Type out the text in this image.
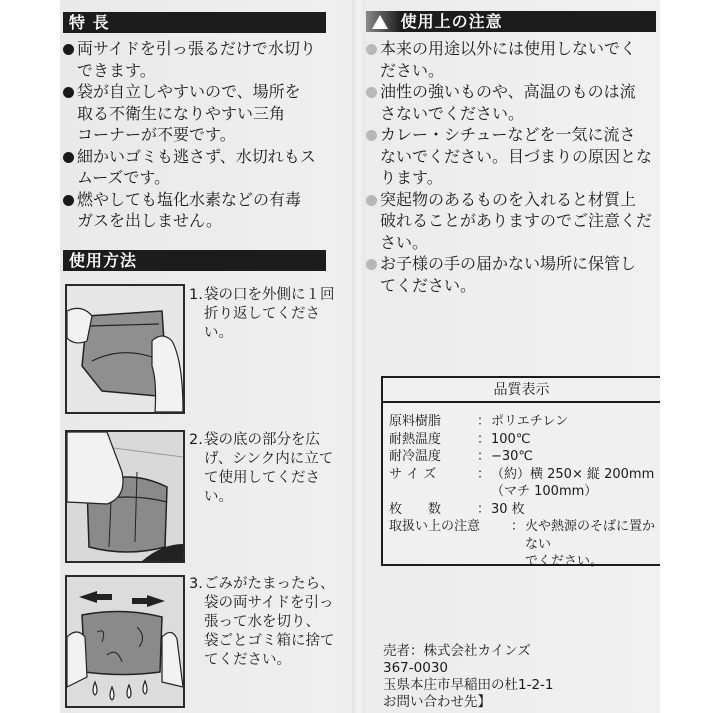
特 長
両サイドを引っ張るだけで水切り
できます。
袋が自立しやすいので、場所を
取る不衛生になりやすい三角
コーナーが不要です。
細かいゴミも逃さず、水切れもス
ムーズです。
燃やしても塩化水素などの有毒
ガスを出しません。
使用方法
1. 袋の口を外側に１回
折り返してください。
2. 袋の底の部分を広
げ、シンク内に立て
て使用してください。
3. ごみがたまったら、
袋の両サイドを引っ
張って水を切り、
袋ごとゴミ箱に捨て
てください。
使用上の注意
本来の用途以外には使用しないでく
ださい。
油性の強いものや、高温のものは流
さないでください。
カレー・シチューなどを一気に流さ
ないでください。目づまりの原因とな
ります。
突起物のあるものを入れると材質上
破れることがありますのでご注意くだ
さい。
お子様の手の届かない場所に保管し
てください。
品質表示
原料樹脂	： ポリエチレン
耐熱温度	： 100℃
耐冷温度	： −30℃
サ イ ズ	： （約）横 250× 縦 200mm
（マチ 100mm）
枚　　数	： 30 枚
取扱い上の注意	： 火や熱源のそばに置かない
でください。
売者：株式会社カインズ
367-0030
玉県本庄市早稲田の杜1-2-1
お問い合わせ先】
